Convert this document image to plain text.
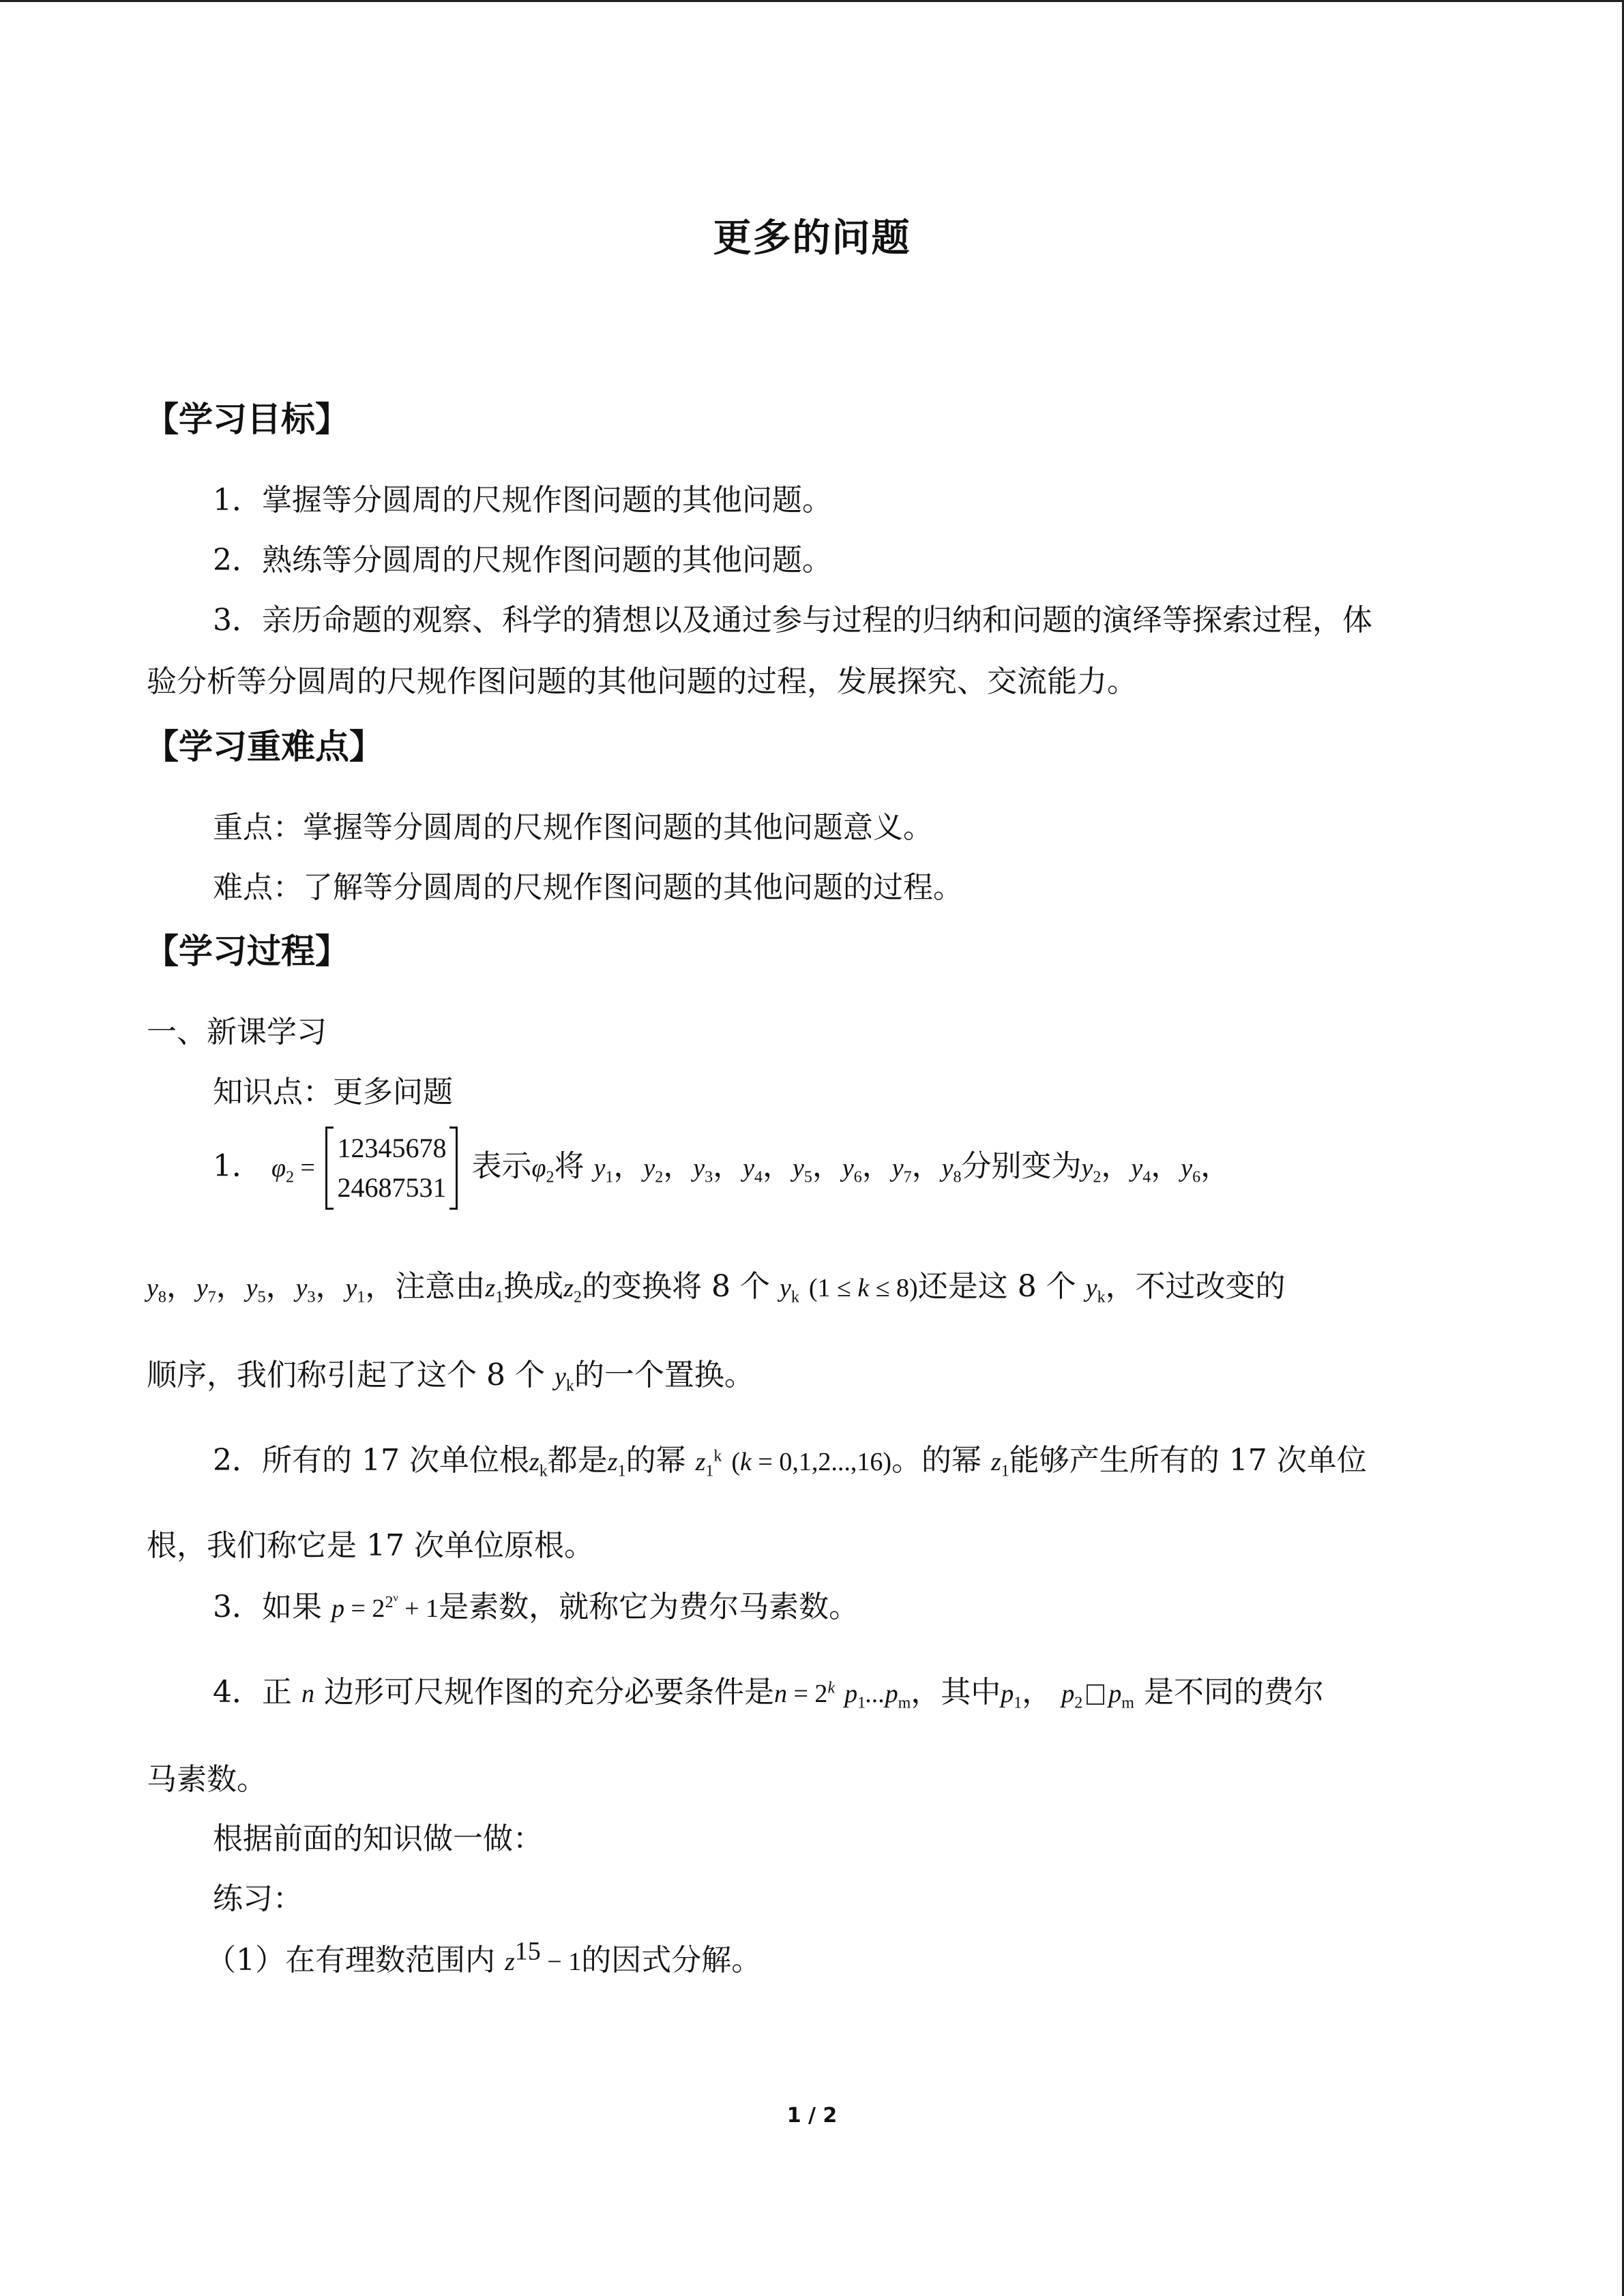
更多的问题
【学习目标】
1．掌握等分圆周的尺规作图问题的其他问题。
2．熟练等分圆周的尺规作图问题的其他问题。
3．亲历命题的观察、科学的猜想以及通过参与过程的归纳和问题的演绎等探索过程，体
验分析等分圆周的尺规作图问题的其他问题的过程，发展探究、交流能力。
【学习重难点】
重点：掌握等分圆周的尺规作图问题的其他问题意义。
难点：了解等分圆周的尺规作图问题的其他问题的过程。
【学习过程】
一、新课学习
知识点：更多问题
1． $\varphi_2 = 12345678$
24687531 表示$\varphi_2$将 $y_1$，$y_2$，$y_3$，$y_4$，$y_5$，$y_6$，$y_7$，$y_8$分别变为$y_2$，$y_4$，$y_6$，
$y_8$，$y_7$，$y_5$，$y_3$，$y_1$，注意由$z_1$换成$z_2$的变换将 8 个 $y_k$ (1 ≤ k ≤ 8)还是这 8 个 $y_k$，不过改变的
顺序，我们称引起了这个 8 个 $y_k$的一个置换。
2．所有的 17 次单位根$z_k$都是$z_1$的幂 $z_1^k$ (k = 0,1,2...,16)。的幂 $z_1$能够产生所有的 17 次单位
根，我们称它是 17 次单位原根。
3．如果 $p = 2^{2^\nu} + 1$是素数，就称它为费尔马素数。
4．正 n 边形可尺规作图的充分必要条件是$n = 2^k$ $p_1...p_m$，其中$p_1$， $p_2$ $p_m$ 是不同的费尔
马素数。
根据前面的知识做一做：
练习：
（1）在有理数范围内 $z^{15} - 1$的因式分解。
1 / 2
